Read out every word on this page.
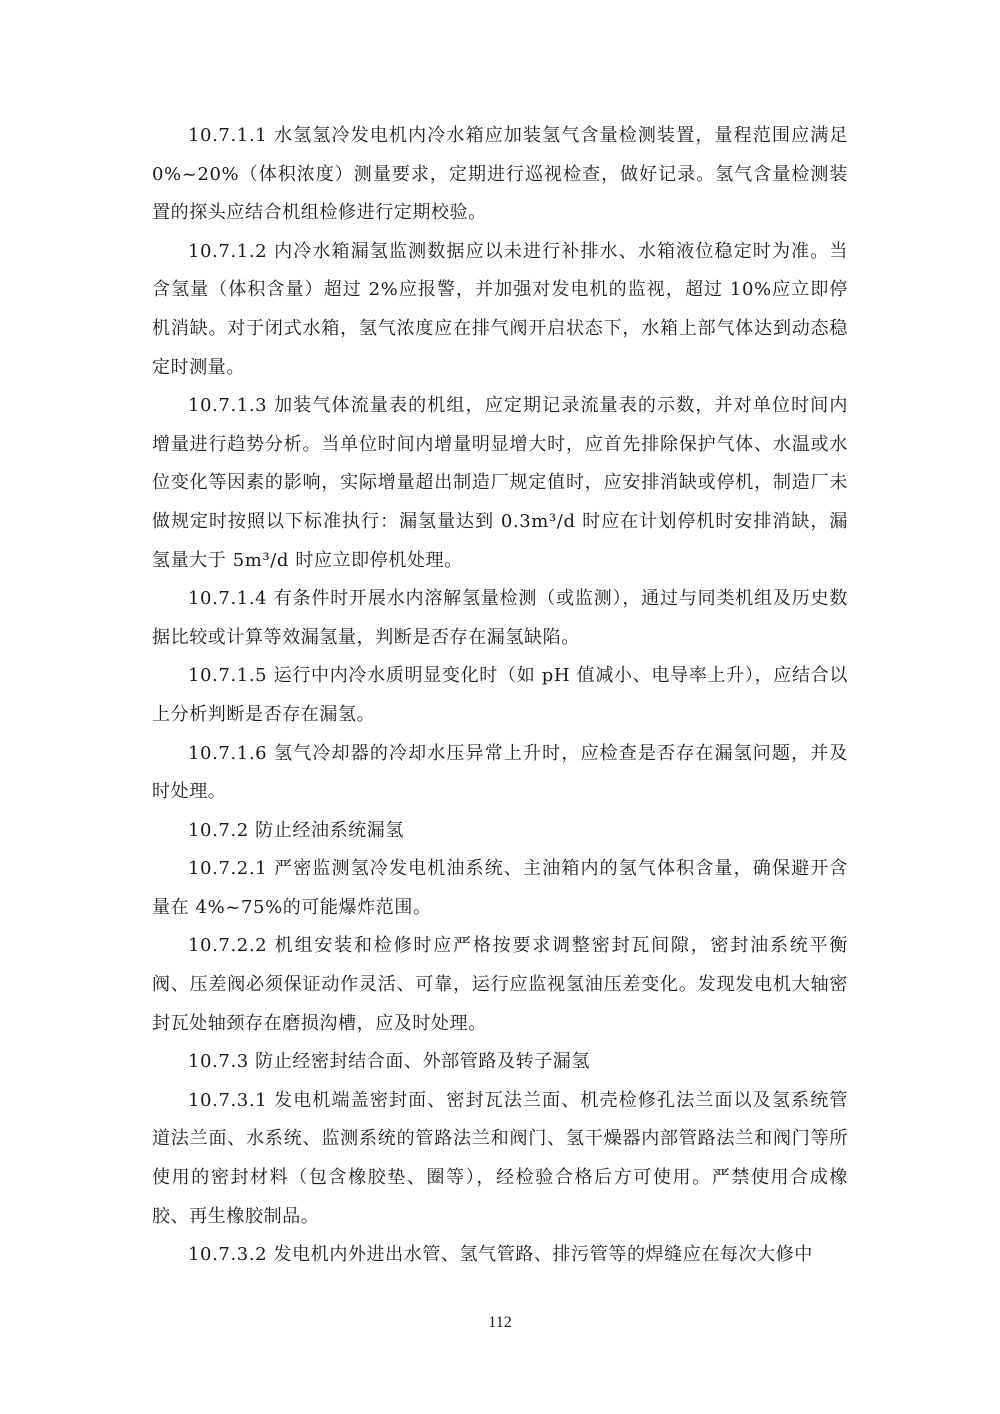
10.7.1.1 水氢氢冷发电机内冷水箱应加装氢气含量检测装置，量程范围应满足 0%~20%（体积浓度）测量要求，定期进行巡视检查，做好记录。氢气含量检测装置的探头应结合机组检修进行定期校验。

10.7.1.2 内冷水箱漏氢监测数据应以未进行补排水、水箱液位稳定时为准。当含氢量（体积含量）超过 2%应报警，并加强对发电机的监视，超过 10%应立即停机消缺。对于闭式水箱，氢气浓度应在排气阀开启状态下，水箱上部气体达到动态稳定时测量。

10.7.1.3 加装气体流量表的机组，应定期记录流量表的示数，并对单位时间内增量进行趋势分析。当单位时间内增量明显增大时，应首先排除保护气体、水温或水位变化等因素的影响，实际增量超出制造厂规定值时，应安排消缺或停机，制造厂未做规定时按照以下标准执行：漏氢量达到 0.3m³/d 时应在计划停机时安排消缺，漏氢量大于 5m³/d 时应立即停机处理。

10.7.1.4 有条件时开展水内溶解氢量检测（或监测），通过与同类机组及历史数据比较或计算等效漏氢量，判断是否存在漏氢缺陷。

10.7.1.5 运行中内冷水质明显变化时（如 pH 值减小、电导率上升），应结合以上分析判断是否存在漏氢。

10.7.1.6 氢气冷却器的冷却水压异常上升时，应检查是否存在漏氢问题，并及时处理。

10.7.2 防止经油系统漏氢

10.7.2.1 严密监测氢冷发电机油系统、主油箱内的氢气体积含量，确保避开含量在 4%~75%的可能爆炸范围。

10.7.2.2 机组安装和检修时应严格按要求调整密封瓦间隙，密封油系统平衡阀、压差阀必须保证动作灵活、可靠，运行应监视氢油压差变化。发现发电机大轴密封瓦处轴颈存在磨损沟槽，应及时处理。

10.7.3 防止经密封结合面、外部管路及转子漏氢

10.7.3.1 发电机端盖密封面、密封瓦法兰面、机壳检修孔法兰面以及氢系统管道法兰面、水系统、监测系统的管路法兰和阀门、氢干燥器内部管路法兰和阀门等所使用的密封材料（包含橡胶垫、圈等），经检验合格后方可使用。严禁使用合成橡胶、再生橡胶制品。

10.7.3.2 发电机内外进出水管、氢气管路、排污管等的焊缝应在每次大修中

112
